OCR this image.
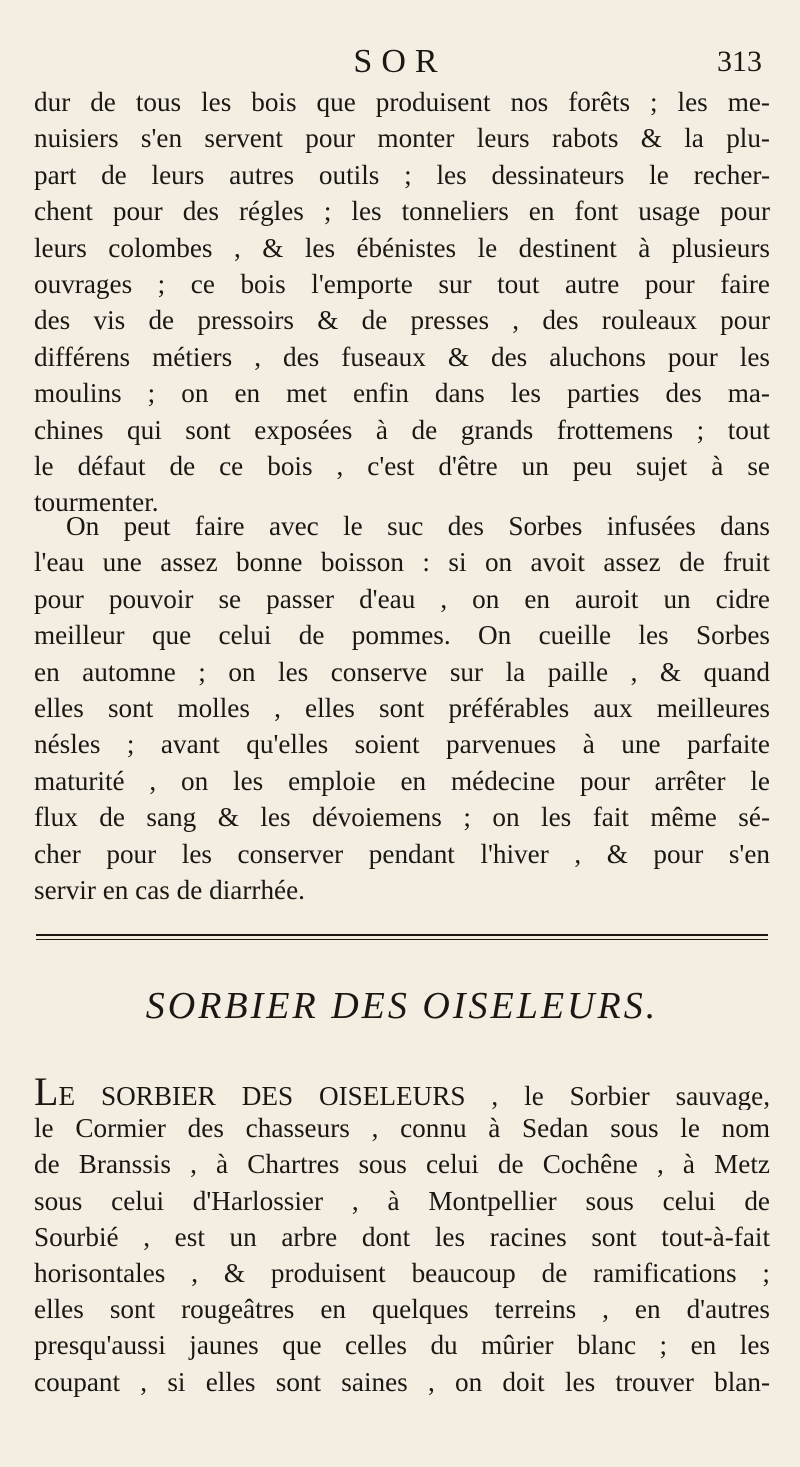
SOR	313
dur de tous les bois que produisent nos forêts ; les me-
nuisiers s'en servent pour monter leurs rabots & la plu-
part de leurs autres outils ; les dessinateurs le recher-
chent pour des régles ; les tonneliers en font usage pour
leurs colombes , & les ébénistes le destinent à plusieurs
ouvrages ; ce bois l'emporte sur tout autre pour faire
des vis de pressoirs & de presses , des rouleaux pour
différens métiers , des fuseaux & des aluchons pour les
moulins ; on en met enfin dans les parties des ma-
chines qui sont exposées à de grands frottemens ; tout
le défaut de ce bois , c'est d'être un peu sujet à se
tourmenter.
On peut faire avec le suc des Sorbes infusées dans
l'eau une assez bonne boisson : si on avoit assez de fruit
pour pouvoir se passer d'eau , on en auroit un cidre
meilleur que celui de pommes. On cueille les Sorbes
en automne ; on les conserve sur la paille , & quand
elles sont molles , elles sont préférables aux meilleures
nésles ; avant qu'elles soient parvenues à une parfaite
maturité , on les emploie en médecine pour arrêter le
flux de sang & les dévoiemens ; on les fait même sé-
cher pour les conserver pendant l'hiver , & pour s'en
servir en cas de diarrhée.
SORBIER DES OISELEURS.
LE SORBIER DES OISELEURS , le Sorbier sauvage,
le Cormier des chasseurs , connu à Sedan sous le nom
de Branssis , à Chartres sous celui de Cochêne , à Metz
sous celui d'Harlossier , à Montpellier sous celui de
Sourbié , est un arbre dont les racines sont tout-à-fait
horisontales , & produisent beaucoup de ramifications ;
elles sont rougeâtres en quelques terreins , en d'autres
presqu'aussi jaunes que celles du mûrier blanc ; en les
coupant , si elles sont saines , on doit les trouver blan-
